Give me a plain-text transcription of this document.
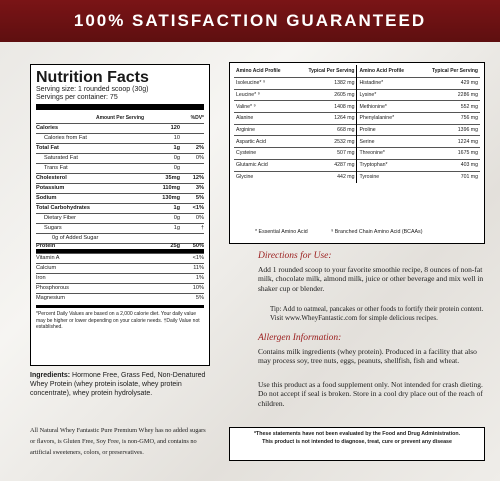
100% SATISFACTION GUARANTEED
Nutrition Facts
Serving size: 1 rounded scoop (30g)
Servings per container: 75
Amount Per Serving	%DV*
Calories	120
Calories from Fat	10
Total Fat	1g	2%
Saturated Fat	0g	0%
Trans Fat	0g
Cholesterol	35mg	12%
Potassium	110mg	3%
Sodium	130mg	5%
Total Carbohydrates	1g	<1%
Dietary Fiber	0g	0%
Sugars	1g	†
0g of Added Sugar
Protein	25g	50%
Vitamin A	<1%
Calcium	11%
Iron	1%
Phosphorous	10%
Magnesium	5%
*Percent Daily Values are based on a 2,000 calorie diet. Your daily value may be higher or lower depending on your calorie needs. †Daily Value not established.
Ingredients: Hormone Free, Grass Fed, Non-Denatured Whey Protein (whey protein isolate, whey protein concentrate), whey protein hydrolysate.
All Natural Whey Fantastic Pure Premium Whey has no added sugars or flavors, is Gluten Free, Soy Free, is non-GMO, and contains no artificial sweeteners, colors, or preservatives.
Amino Acid Profile	Typical Per Serving	Amino Acid Profile	Typical Per Serving
Isoleucine* ⁹	1382 mg	Histadine*	429 mg
Leucine* ⁹	2605 mg	Lysine*	2286 mg
Valine* ⁹	1408 mg	Methionine*	552 mg
Alanine	1264 mg	Phenylalanine*	756 mg
Arginine	668 mg	Proline	1396 mg
Aspartic Acid	2532 mg	Serine	1224 mg
Cysteine	507 mg	Threonine*	1675 mg
Glutamic Acid	4287 mg	Tryptophan*	403 mg
Glycine	442 mg	Tyrosine	701 mg
* Essential Amino Acid	⁹ Branched Chain Amino Acid (BCAAs)
Directions for Use:
Add 1 rounded scoop to your favorite smoothie recipe, 8 ounces of non-fat milk, chocolate milk, almond milk, juice or other beverage and mix well in shaker cup or blender.
Tip: Add to oatmeal, pancakes or other foods to fortify their protein content. Visit www.WheyFantastic.com for simple delicious recipes.
Allergen Information:
Contains milk ingredients (whey protein). Produced in a facility that also may process soy, tree nuts, eggs, peanuts, shellfish, fish and wheat.
Use this product as a food supplement only. Not intended for crash dieting. Do not accept if seal is broken. Store in a cool dry place out of the reach of children.
*These statements have not been evaluated by the Food and Drug Administration.
This product is not intended to diagnose, treat, cure or prevent any disease
